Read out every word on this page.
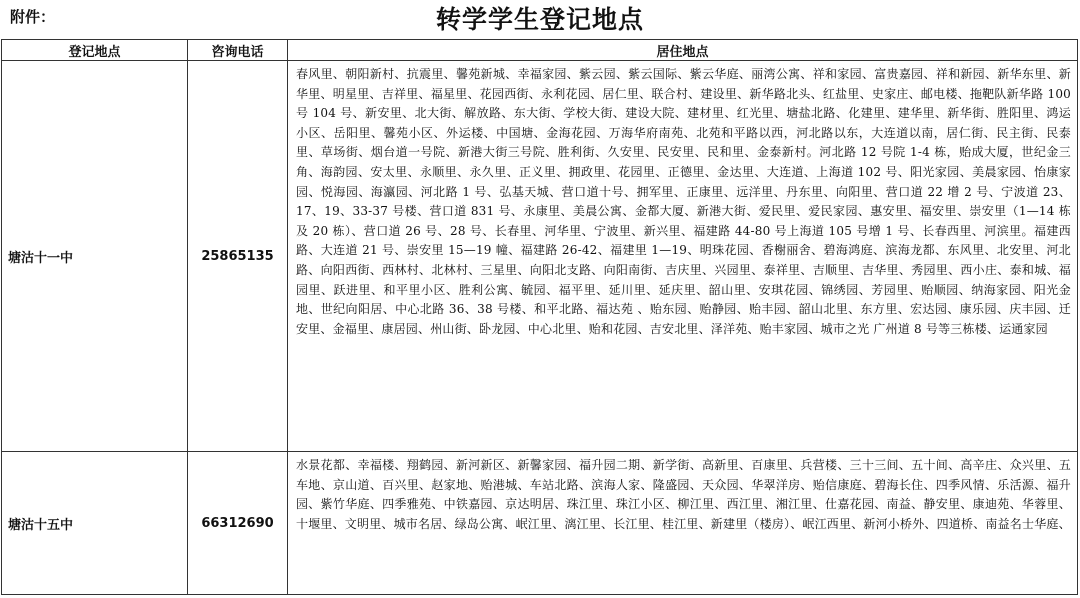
附件：	转学学生登记地点
登记地点	咨询电话	居住地点
塘沽十一中	25865135	春风里、朝阳新村、抗震里、馨苑新城、幸福家园、紫云园、紫云国际、紫云华庭、丽湾公寓、祥和家园、富贵嘉园、祥和新园、新华东里、新华里、明星里、吉祥里、福星里、花园西街、永利花园、居仁里、联合村、建设里、新华路北头、红盐里、史家庄、邮电楼、拖靶队新华路 100 号 104 号、新安里、北大街、解放路、东大街、学校大街、建设大院、建材里、红光里、塘盐北路、化建里、建华里、新华街、胜阳里、鸿运小区、岳阳里、馨苑小区、外运楼、中国塘、金海花园、万海华府南苑、北苑和平路以西，河北路以东，大连道以南，居仁街、民主街、民泰里、草场街、烟台道一号院、新港大街三号院、胜利街、久安里、民安里、民和里、金泰新村。河北路 12 号院 1-4 栋，贻成大厦，世纪金三角、海韵园、安太里、永顺里、永久里、正义里、拥政里、花园里、正德里、金达里、大连道、上海道 102 号、阳光家园、美晨家园、怡康家园、悦海园、海瀛园、河北路 1 号、弘基天城、营口道十号、拥军里、正康里、远洋里、丹东里、向阳里、营口道 22 增 2 号、宁波道 23、17、19、33-37 号楼、营口道 831 号、永康里、美晨公寓、金都大厦、新港大街、爱民里、爱民家园、惠安里、福安里、崇安里（1—14 栋及 20 栋）、营口道 26 号、28 号、长春里、河华里、宁波里、新兴里、福建路 44-80 号上海道 105 号增 1 号、长春西里、河滨里。福建西路、大连道 21 号、崇安里 15—19 幢、福建路 26-42、福建里 1—19、明珠花园、香榭丽舍、碧海鸿庭、滨海龙都、东风里、北安里、河北路、向阳西街、西林村、北林村、三星里、向阳北支路、向阳南街、吉庆里、兴园里、泰祥里、吉顺里、吉华里、秀园里、西小庄、泰和城、福园里、跃进里、和平里小区、胜利公寓、毓园、福平里、延川里、延庆里、韶山里、安琪花园、锦绣园、芳园里、贻顺园、纳海家园、阳光金地、世纪向阳居、中心北路 36、38 号楼、和平北路、福达苑 、贻东园、贻静园、贻丰园、韶山北里、东方里、宏达园、康乐园、庆丰园、迁安里、金福里、康居园、州山街、卧龙园、中心北里、贻和花园、吉安北里、泽洋苑、贻丰家园、城市之光 广州道 8 号等三栋楼、运通家园
塘沽十五中	66312690	水景花都、幸福楼、翔鹤园、新河新区、新馨家园、福升园二期、新学街、高新里、百康里、兵营楼、三十三间、五十间、高辛庄、众兴里、五车地、京山道、百兴里、赵家地、贻港城、车站北路、滨海人家、隆盛园、天众园、华翠洋房、贻信康庭、碧海长住、四季风情、乐活源、福升园、紫竹华庭、四季雅苑、中铁嘉园、京达明居、珠江里、珠江小区、柳江里、西江里、湘江里、仕嘉花园、南益、静安里、康迪苑、华蓉里、十堰里、文明里、城市名居、绿岛公寓、岷江里、漓江里、长江里、桂江里、新建里（楼房）、岷江西里、新河小桥外、四道桥、南益名士华庭、
